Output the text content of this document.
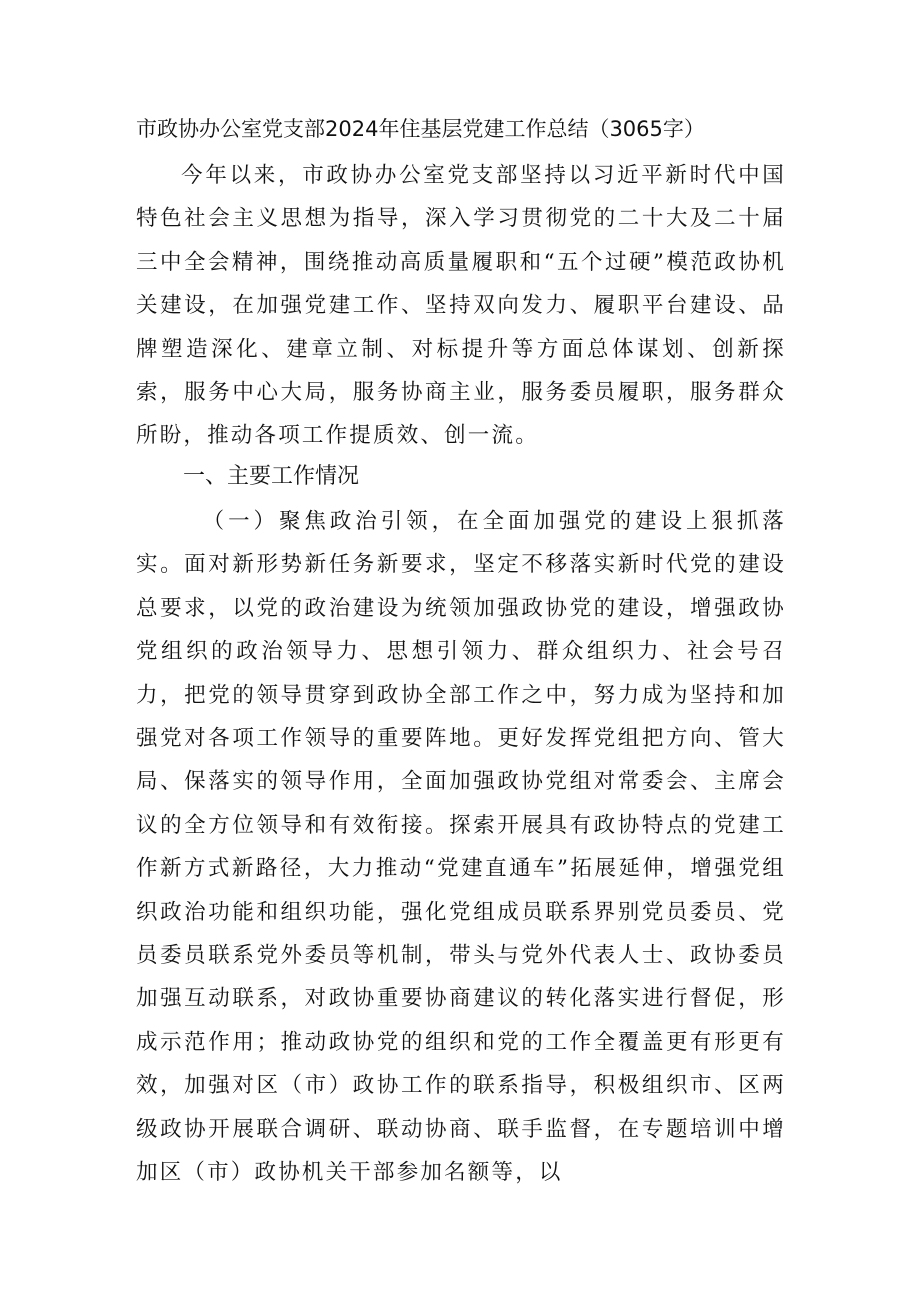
市政协办公室党支部2024年住基层党建工作总结（3065字）
今年以来，市政协办公室党支部坚持以习近平新时代中国特色社会主义思想为指导，深入学习贯彻党的二十大及二十届三中全会精神，围绕推动高质量履职和“五个过硬”模范政协机关建设，在加强党建工作、坚持双向发力、履职平台建设、品牌塑造深化、建章立制、对标提升等方面总体谋划、创新探索，服务中心大局，服务协商主业，服务委员履职，服务群众所盼，推动各项工作提质效、创一流。
一、主要工作情况
（一）聚焦政治引领，在全面加强党的建设上狠抓落实。面对新形势新任务新要求，坚定不移落实新时代党的建设总要求，以党的政治建设为统领加强政协党的建设，增强政协党组织的政治领导力、思想引领力、群众组织力、社会号召力，把党的领导贯穿到政协全部工作之中，努力成为坚持和加强党对各项工作领导的重要阵地。更好发挥党组把方向、管大局、保落实的领导作用，全面加强政协党组对常委会、主席会议的全方位领导和有效衔接。探索开展具有政协特点的党建工作新方式新路径，大力推动“党建直通车”拓展延伸，增强党组织政治功能和组织功能，强化党组成员联系界别党员委员、党员委员联系党外委员等机制，带头与党外代表人士、政协委员加强互动联系，对政协重要协商建议的转化落实进行督促，形成示范作用；推动政协党的组织和党的工作全覆盖更有形更有效，加强对区（市）政协工作的联系指导，积极组织市、区两级政协开展联合调研、联动协商、联手监督，在专题培训中增加区（市）政协机关干部参加名额等，以
